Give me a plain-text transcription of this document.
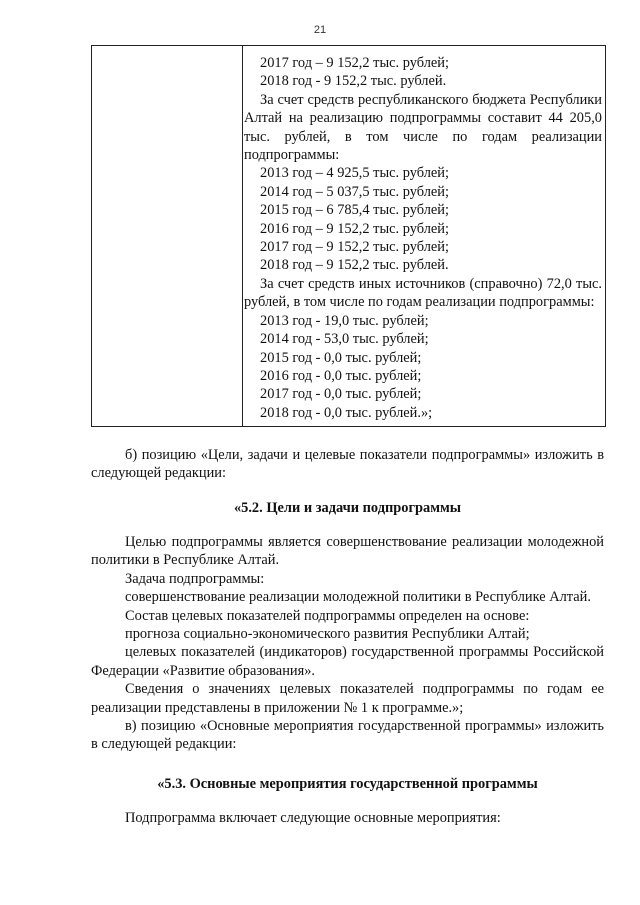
21

2017 год – 9 152,2 тыс. рублей;

2018 год - 9 152,2 тыс. рублей.

За счет средств республиканского бюджета Республики Алтай на реализацию подпрограммы составит 44 205,0 тыс. рублей, в том числе по годам реализации подпрограммы:

2013 год – 4 925,5 тыс. рублей;

2014 год – 5 037,5 тыс. рублей;

2015 год – 6 785,4 тыс. рублей;

2016 год – 9 152,2 тыс. рублей;

2017 год – 9 152,2 тыс. рублей;

2018 год – 9 152,2 тыс. рублей.

За счет средств иных источников (справочно) 72,0 тыс. рублей, в том числе по годам реализации подпрограммы:

2013 год - 19,0 тыс. рублей;

2014 год - 53,0 тыс. рублей;

2015 год - 0,0 тыс. рублей;

2016 год - 0,0 тыс. рублей;

2017 год - 0,0 тыс. рублей;

2018 год - 0,0 тыс. рублей.»;

б) позицию «Цели, задачи и целевые показатели подпрограммы» изложить в следующей редакции:

«5.2. Цели и задачи подпрограммы

Целью подпрограммы является совершенствование реализации молодежной политики в Республике Алтай.

Задача подпрограммы:

совершенствование реализации молодежной политики в Республике Алтай.

Состав целевых показателей подпрограммы определен на основе:

прогноза социально-экономического развития Республики Алтай;

целевых показателей (индикаторов) государственной программы Российской Федерации «Развитие образования».

Сведения о значениях целевых показателей подпрограммы по годам ее реализации представлены в приложении № 1 к программе.»;

в) позицию «Основные мероприятия государственной программы» изложить в следующей редакции:

«5.3. Основные мероприятия государственной программы

Подпрограмма включает следующие основные мероприятия:
